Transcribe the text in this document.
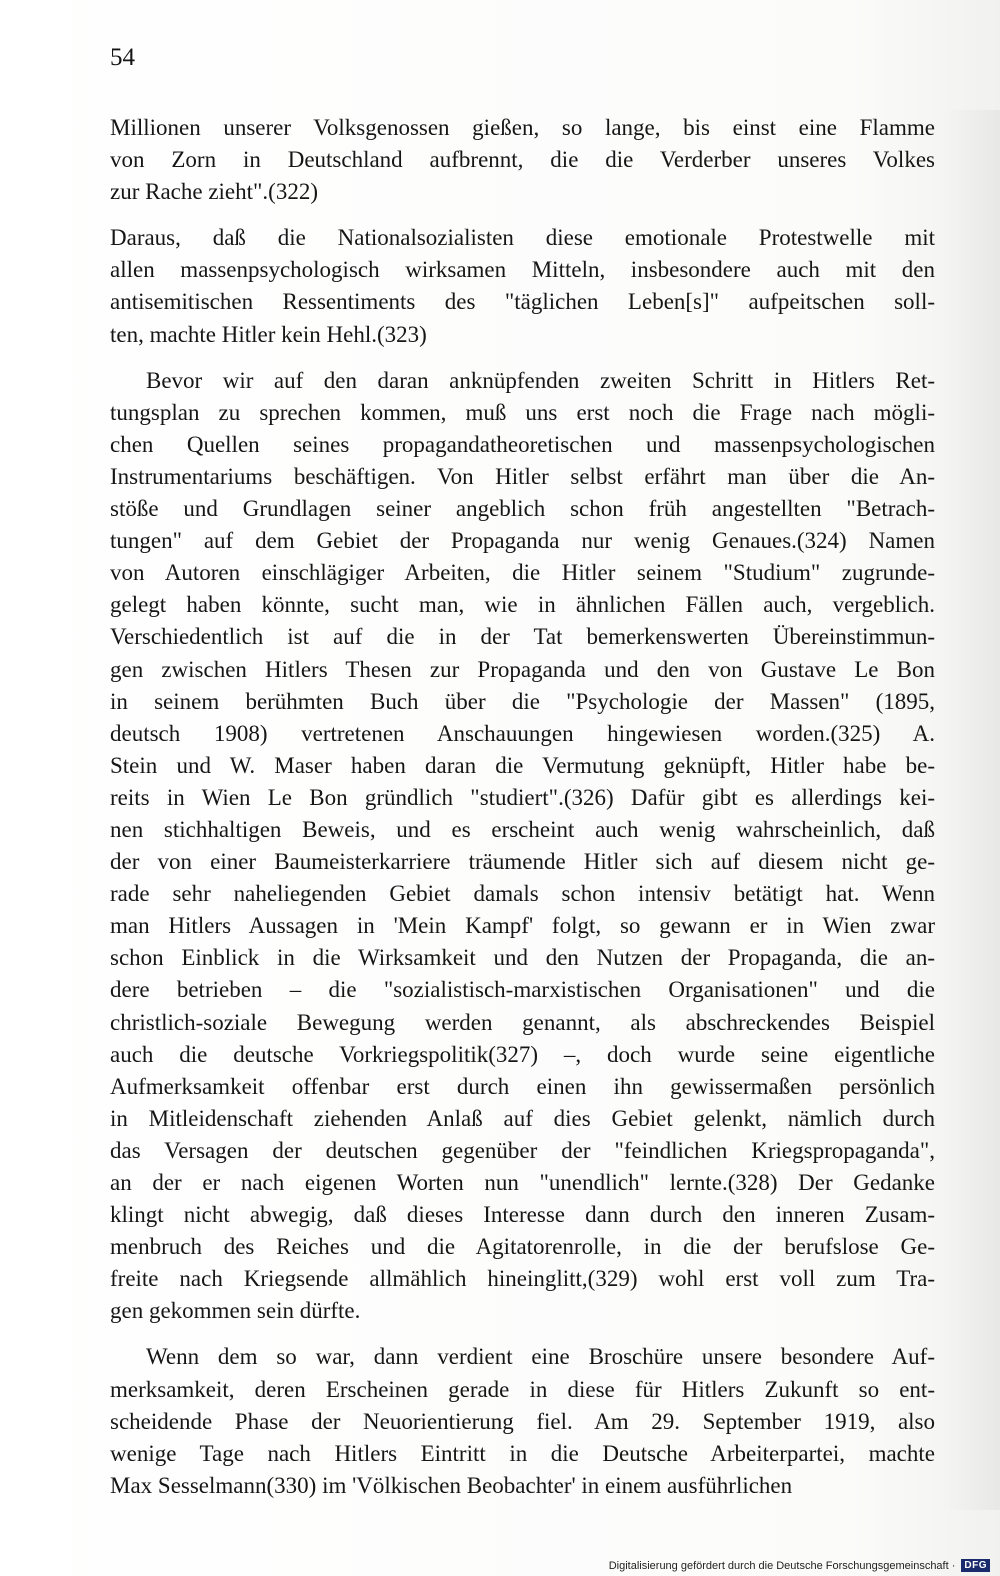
54
Millionen unserer Volksgenossen gießen, so lange, bis einst eine Flamme
von Zorn in Deutschland aufbrennt, die die Verderber unseres Volkes
zur Rache zieht".(322)
Daraus, daß die Nationalsozialisten diese emotionale Protestwelle mit
allen massenpsychologisch wirksamen Mitteln, insbesondere auch mit den
antisemitischen Ressentiments des "täglichen Leben[s]" aufpeitschen soll-
ten, machte Hitler kein Hehl.(323)
Bevor wir auf den daran anknüpfenden zweiten Schritt in Hitlers Ret-
tungsplan zu sprechen kommen, muß uns erst noch die Frage nach mögli-
chen Quellen seines propagandatheoretischen und massenpsychologischen
Instrumentariums beschäftigen. Von Hitler selbst erfährt man über die An-
stöße und Grundlagen seiner angeblich schon früh angestellten "Betrach-
tungen" auf dem Gebiet der Propaganda nur wenig Genaues.(324) Namen
von Autoren einschlägiger Arbeiten, die Hitler seinem "Studium" zugrunde-
gelegt haben könnte, sucht man, wie in ähnlichen Fällen auch, vergeblich.
Verschiedentlich ist auf die in der Tat bemerkenswerten Übereinstimmun-
gen zwischen Hitlers Thesen zur Propaganda und den von Gustave Le Bon
in seinem berühmten Buch über die "Psychologie der Massen" (1895,
deutsch 1908) vertretenen Anschauungen hingewiesen worden.(325) A.
Stein und W. Maser haben daran die Vermutung geknüpft, Hitler habe be-
reits in Wien Le Bon gründlich "studiert".(326) Dafür gibt es allerdings kei-
nen stichhaltigen Beweis, und es erscheint auch wenig wahrscheinlich, daß
der von einer Baumeisterkarriere träumende Hitler sich auf diesem nicht ge-
rade sehr naheliegenden Gebiet damals schon intensiv betätigt hat. Wenn
man Hitlers Aussagen in 'Mein Kampf' folgt, so gewann er in Wien zwar
schon Einblick in die Wirksamkeit und den Nutzen der Propaganda, die an-
dere betrieben – die "sozialistisch-marxistischen Organisationen" und die
christlich-soziale Bewegung werden genannt, als abschreckendes Beispiel
auch die deutsche Vorkriegspolitik(327) –, doch wurde seine eigentliche
Aufmerksamkeit offenbar erst durch einen ihn gewissermaßen persönlich
in Mitleidenschaft ziehenden Anlaß auf dies Gebiet gelenkt, nämlich durch
das Versagen der deutschen gegenüber der "feindlichen Kriegspropaganda",
an der er nach eigenen Worten nun "unendlich" lernte.(328) Der Gedanke
klingt nicht abwegig, daß dieses Interesse dann durch den inneren Zusam-
menbruch des Reiches und die Agitatorenrolle, in die der berufslose Ge-
freite nach Kriegsende allmählich hineinglitt,(329) wohl erst voll zum Tra-
gen gekommen sein dürfte.
Wenn dem so war, dann verdient eine Broschüre unsere besondere Auf-
merksamkeit, deren Erscheinen gerade in diese für Hitlers Zukunft so ent-
scheidende Phase der Neuorientierung fiel. Am 29. September 1919, also
wenige Tage nach Hitlers Eintritt in die Deutsche Arbeiterpartei, machte
Max Sesselmann(330) im 'Völkischen Beobachter' in einem ausführlichen
Digitalisierung gefördert durch die Deutsche Forschungsgemeinschaft · DFG
